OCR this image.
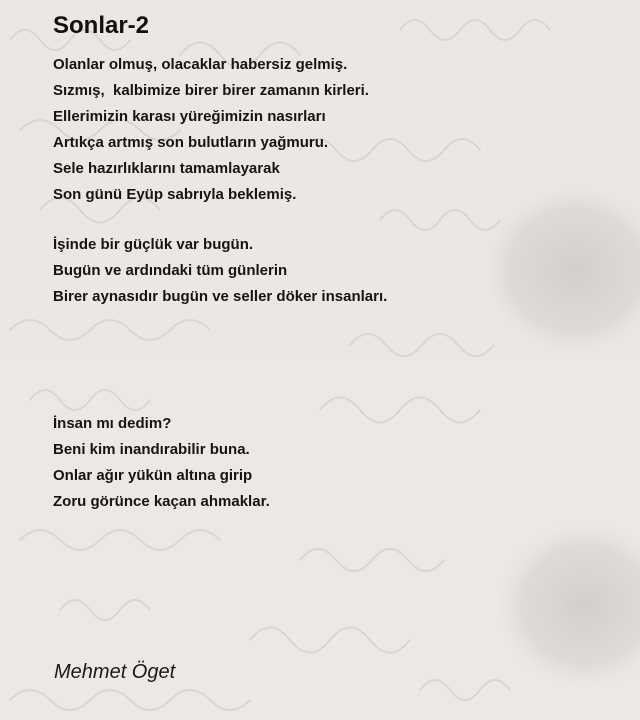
Sonlar-2
Olanlar olmuş, olacaklar habersiz gelmiş.
Sızmış,  kalbimize birer birer zamanın kirleri.
Ellerimizin karası yüreğimizin nasırları
Artıkça artmış son bulutların yağmuru.
Sele hazırlıklarını tamamlayarak
Son günü Eyüp sabrıyla beklemiş.
İşinde bir güçlük var bugün.
Bugün ve ardındaki tüm günlerin
Birer aynasıdır bugün ve seller döker insanları.
İnsan mı dedim?
Beni kim inandırabilir buna.
Onlar ağır yükün altına girip
Zoru görünce kaçan ahmaklar.
Mehmet Öget
